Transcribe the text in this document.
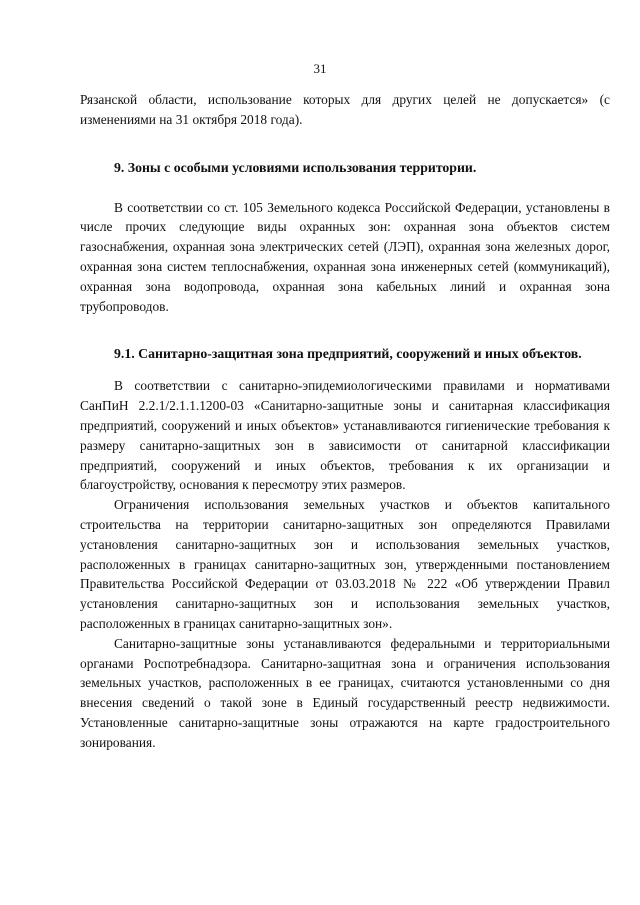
31

Рязанской области, использование которых для других целей не допускается» (с изменениями на 31 октября 2018 года).

9. Зоны с особыми условиями использования территории.

В соответствии со ст. 105 Земельного кодекса Российской Федерации, установлены в числе прочих следующие виды охранных зон: охранная зона объектов систем газоснабжения, охранная зона электрических сетей (ЛЭП), охранная зона железных дорог, охранная зона систем теплоснабжения, охранная зона инженерных сетей (коммуникаций), охранная зона водопровода, охранная зона кабельных линий и охранная зона трубопроводов.

9.1. Санитарно-защитная зона предприятий, сооружений и иных объектов.

В соответствии с санитарно-эпидемиологическими правилами и нормативами СанПиН 2.2.1/2.1.1.1200-03 «Санитарно-защитные зоны и санитарная классификация предприятий, сооружений и иных объектов» устанавливаются гигиенические требования к размеру санитарно-защитных зон в зависимости от санитарной классификации предприятий, сооружений и иных объектов, требования к их организации и благоустройству, основания к пересмотру этих размеров.

Ограничения использования земельных участков и объектов капитального строительства на территории санитарно-защитных зон определяются Правилами установления санитарно-защитных зон и использования земельных участков, расположенных в границах санитарно-защитных зон, утвержденными постановлением Правительства Российской Федерации от 03.03.2018 № 222 «Об утверждении Правил установления санитарно-защитных зон и использования земельных участков, расположенных в границах санитарно-защитных зон».

Санитарно-защитные зоны устанавливаются федеральными и территориальными органами Роспотребнадзора. Санитарно-защитная зона и ограничения использования земельных участков, расположенных в ее границах, считаются установленными со дня внесения сведений о такой зоне в Единый государственный реестр недвижимости. Установленные санитарно-защитные зоны отражаются на карте градостроительного зонирования.
